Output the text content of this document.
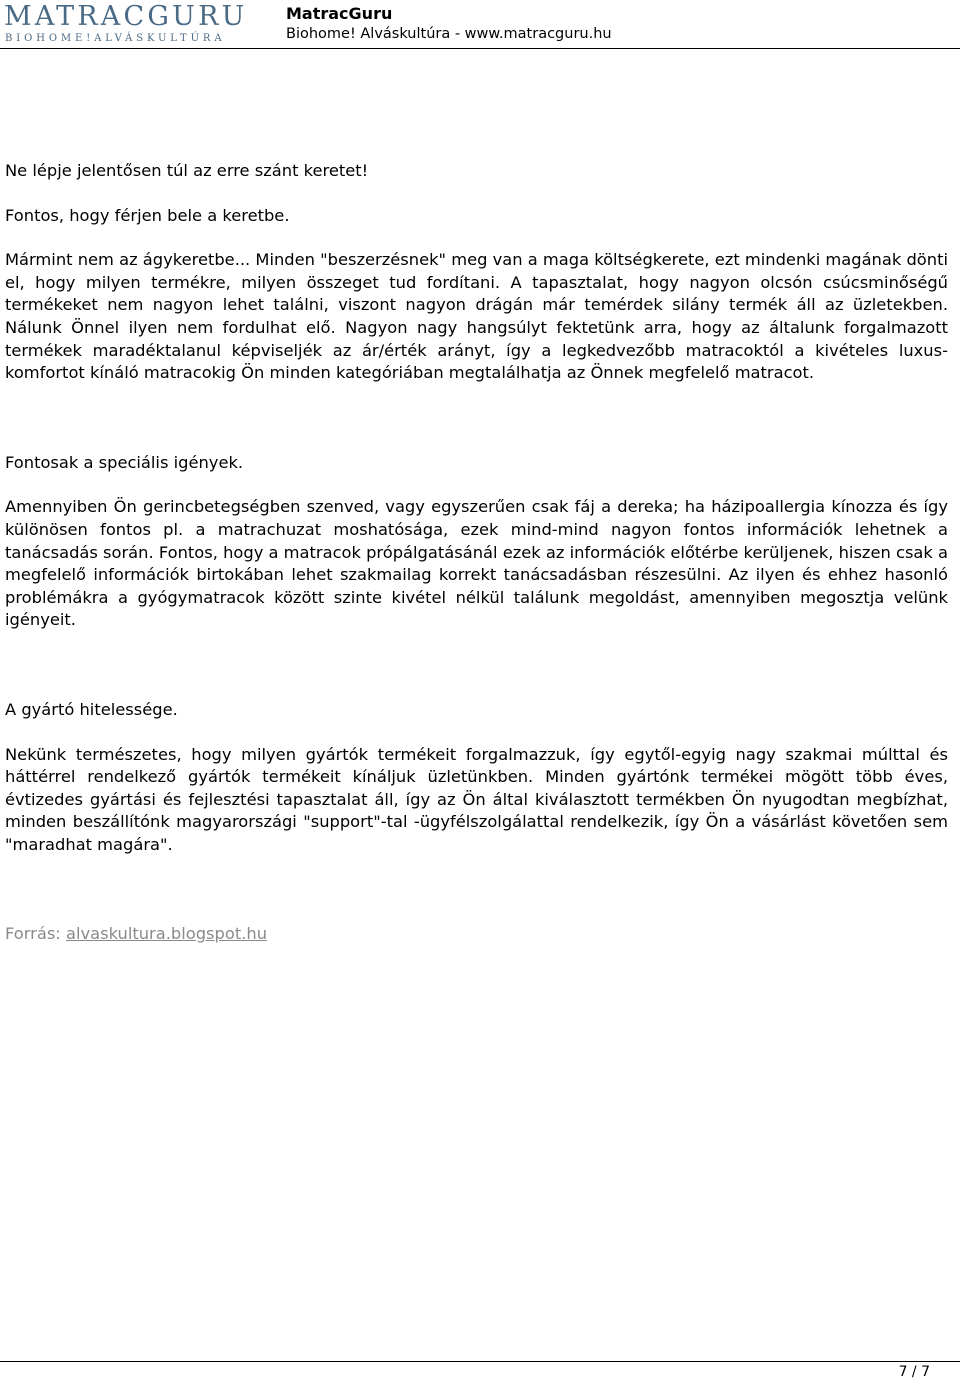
MATRACGURU
BIOHOME!ALVÁSKULTÚRA
MatracGuru
Biohome! Alváskultúra - www.matracguru.hu

Ne lépje jelentősen túl az erre szánt keretet!

Fontos, hogy férjen bele a keretbe.

Mármint nem az ágykeretbe... Minden "beszerzésnek" meg van a maga költségkerete, ezt mindenki magának dönti el, hogy milyen termékre, milyen összeget tud fordítani. A tapasztalat, hogy nagyon olcsón csúcsminőségű termékeket nem nagyon lehet találni, viszont nagyon drágán már temérdek silány termék áll az üzletekben. Nálunk Önnel ilyen nem fordulhat elő. Nagyon nagy hangsúlyt fektetünk arra, hogy az általunk forgalmazott termékek maradéktalanul képviseljék az ár/érték arányt, így a legkedvezőbb matracoktól a kivételes luxus-komfortot kínáló matracokig Ön minden kategóriában megtalálhatja az Önnek megfelelő matracot.

Fontosak a speciális igények.

Amennyiben Ön gerincbetegségben szenved, vagy egyszerűen csak fáj a dereka; ha házipoallergia kínozza és így különösen fontos pl. a matrachuzat moshatósága, ezek mind-mind nagyon fontos információk lehetnek a tanácsadás során. Fontos, hogy a matracok própálgatásánál ezek az információk előtérbe kerüljenek, hiszen csak a megfelelő információk birtokában lehet szakmailag korrekt tanácsadásban részesülni. Az ilyen és ehhez hasonló problémákra a gyógymatracok között szinte kivétel nélkül találunk megoldást, amennyiben megosztja velünk igényeit.

A gyártó hitelessége.

Nekünk természetes, hogy milyen gyártók termékeit forgalmazzuk, így egytől-egyig nagy szakmai múlttal és háttérrel rendelkező gyártók termékeit kínáljuk üzletünkben. Minden gyártónk termékei mögött több éves, évtizedes gyártási és fejlesztési tapasztalat áll, így az Ön által kiválasztott termékben Ön nyugodtan megbízhat, minden beszállítónk magyarországi "support"-tal -ügyfélszolgálattal rendelkezik, így Ön a vásárlást követően sem "maradhat magára".

Forrás: alvaskultura.blogspot.hu

7 / 7
